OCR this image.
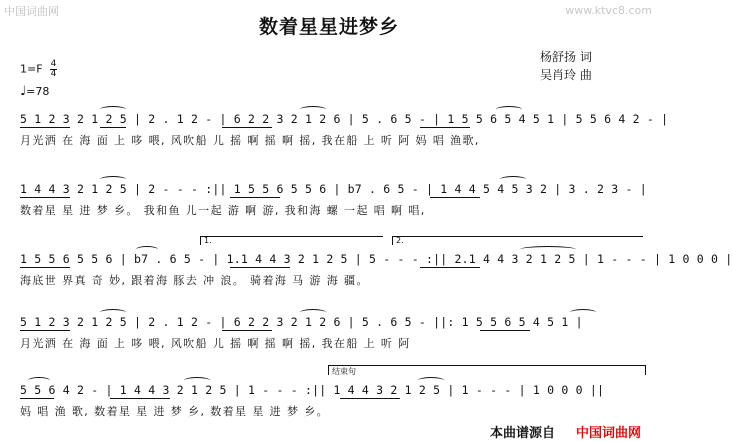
中国词曲网	www.ktvc8.com
数着星星进梦乡
杨舒扬 词
吴肖玲 曲
$1=F \frac{4}{4}$
♩=78
5 1 2 3 2 1 2 5 | 2 . 1 2 - | 6 2 2 3 2 1 2 6 | 5 . 6 5 - | 1 5 5 6 5 4 5 1 | 5 5 6 4 2 - |
月光洒 在 海 面 上 哆 喂, 风吹船 儿 摇 啊 摇 啊 摇, 我在船 上 听 阿 妈 唱 渔歌,
1 4 4 3 2 1 2 5 | 2 - - - :|| 1 5 5 6 5 5 6 | b7 . 6 5 - | 1 4 4 5 4 5 3 2 | 3 . 2 3 - |
数着星 星 进 梦 乡。 我和鱼 儿一起 游 啊 游, 我和海 螺 一起 唱 啊 唱,
1.	2.
1 5 5 6 5 5 6 | b7 . 6 5 - | 1.1 4 4 3 2 1 2 5 | 5 - - - :|| 2.1 4 4 3 2 1 2 5 | 1 - - - | 1 0 0 0 |
海底世 界真 奇 妙, 跟着海 豚去 冲 浪。 骑着海 马 游 海 疆。
5 1 2 3 2 1 2 5 | 2 . 1 2 - | 6 2 2 3 2 1 2 6 | 5 . 6 5 - ||: 1 5 5 6 5 4 5 1 |
月光洒 在 海 面 上 哆 喂, 风吹船 儿 摇 啊 摇 啊 摇, 我在船 上 听 阿
结束句
5 5 6 4 2 - | 1 4 4 3 2 1 2 5 | 1 - - - :|| 1 4 4 3 2 1 2 5 | 1 - - - | 1 0 0 0 ||
妈 唱 渔 歌, 数着星 星 进 梦 乡, 数着星 星 进 梦 乡。
本曲谱源自 中国词曲网
